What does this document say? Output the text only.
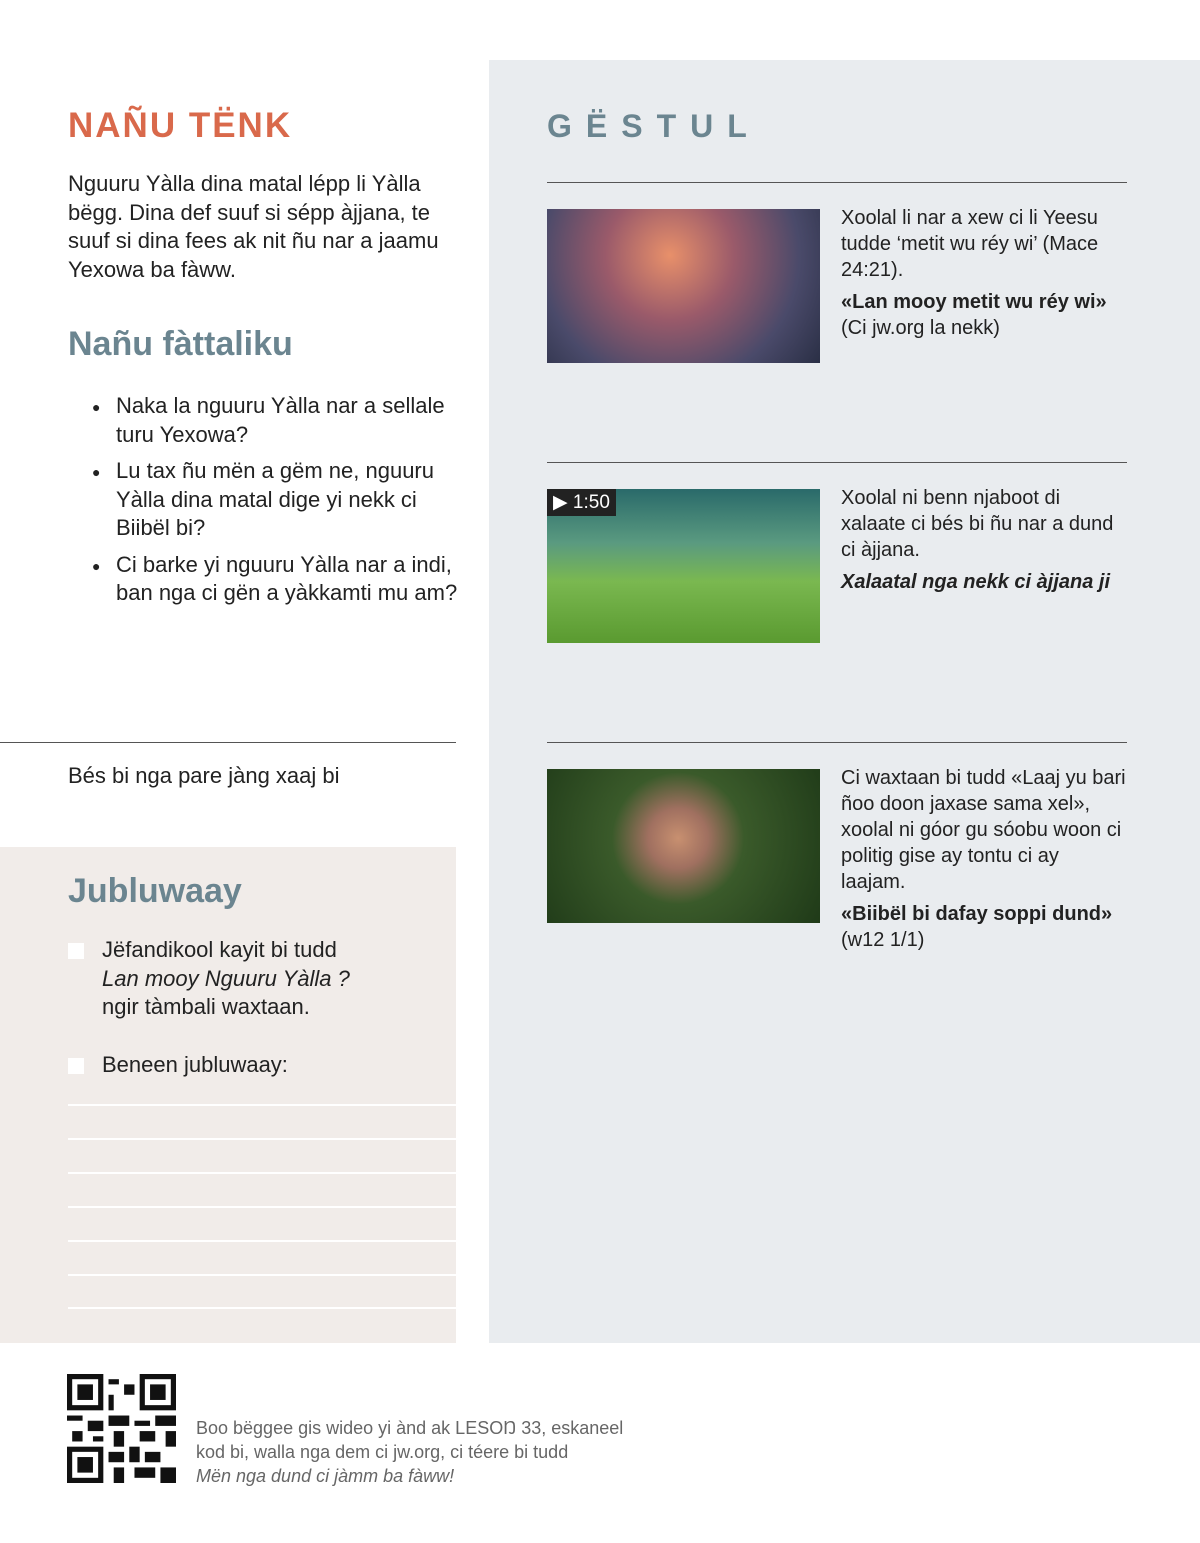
NAÑU TËNK
Nguuru Yàlla dina matal lépp li Yàlla bëgg. Dina def suuf si sépp àjjana, te suuf si dina fees ak nit ñu nar a jaamu Yexowa ba fàww.
Nañu fàttaliku
● Naka la nguuru Yàlla nar a sellale turu Yexowa?
● Lu tax ñu mën a gëm ne, nguuru Yàlla dina matal dige yi nekk ci Biibël bi?
● Ci barke yi nguuru Yàlla nar a indi, ban nga ci gën a yàkkamti mu am?
Bés bi nga pare jàng xaaj bi
Jubluwaay
Jëfandikool kayit bi tudd
Lan mooy Nguuru Yàlla ?
ngir tàmbali waxtaan.
Beneen jubluwaay:
GËSTUL
Xoolal li nar a xew ci li Yeesu tudde ‘metit wu réy wi’ (Mace 24:21).
«Lan mooy metit wu réy wi»
(Ci jw.org la nekk)
▶ 1:50	Xoolal ni benn njaboot di xalaate ci bés bi ñu nar a dund ci àjjana.
Xalaatal nga nekk ci àjjana ji
Ci waxtaan bi tudd «Laaj yu bari ñoo doon jaxase sama xel», xoolal ni góor gu sóobu woon ci politig gise ay tontu ci ay laajam.
«Biibël bi dafay soppi dund»
(w12 1/1)
Boo bëggee gis wideo yi ànd ak LESOŊ 33, eskaneel
kod bi, walla nga dem ci jw.org, ci téere bi tudd
Mën nga dund ci jàmm ba fàww!
